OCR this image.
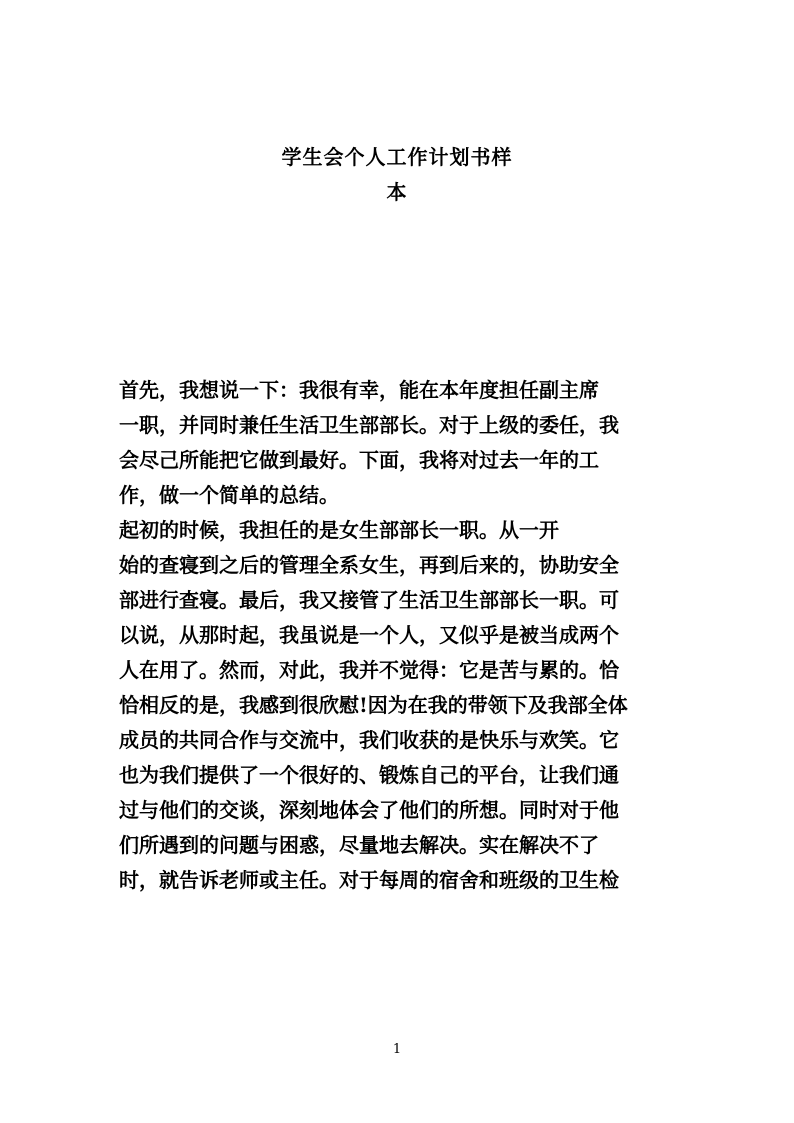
学生会个人工作计划书样
本
首先，我想说一下：我很有幸，能在本年度担任副主席
一职，并同时兼任生活卫生部部长。对于上级的委任，我
会尽己所能把它做到最好。下面，我将对过去一年的工
作，做一个简单的总结。
起初的时候，我担任的是女生部部长一职。从一开
始的查寝到之后的管理全系女生，再到后来的，协助安全
部进行查寝。最后，我又接管了生活卫生部部长一职。可
以说，从那时起，我虽说是一个人，又似乎是被当成两个
人在用了。然而，对此，我并不觉得：它是苦与累的。恰
恰相反的是，我感到很欣慰!因为在我的带领下及我部全体
成员的共同合作与交流中，我们收获的是快乐与欢笑。它
也为我们提供了一个很好的、锻炼自己的平台，让我们通
过与他们的交谈，深刻地体会了他们的所想。同时对于他
们所遇到的问题与困惑，尽量地去解决。实在解决不了
时，就告诉老师或主任。对于每周的宿舍和班级的卫生检
1
